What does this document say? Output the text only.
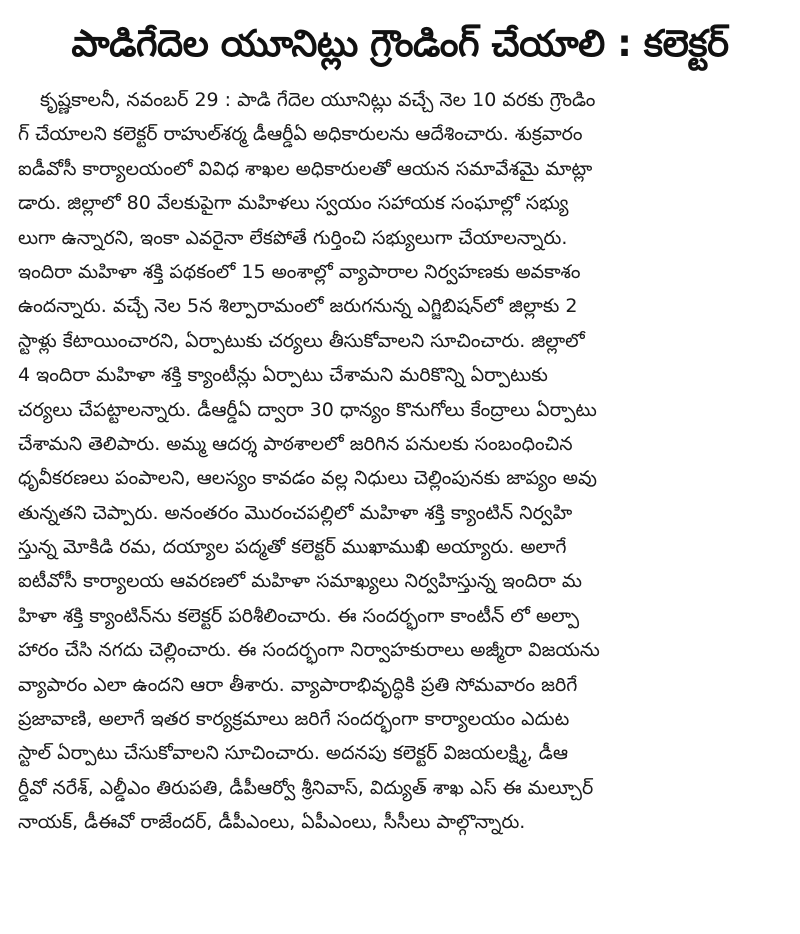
పాడిగేదెల యూనిట్లు గ్రౌండింగ్ చేయాలి : కలెక్టర్
కృష్ణకాలనీ, నవంబర్ 29 : పాడి గేదెల యూనిట్లు వచ్చే నెల 10 వరకు గ్రౌండిం
గ్ చేయాలని కలెక్టర్ రాహుల్‌శర్మ డీఆర్డీఏ అధికారులను ఆదేశించారు. శుక్రవారం
ఐడీవోసీ కార్యాలయంలో వివిధ శాఖల అధికారులతో ఆయన సమావేశమై మాట్లా
డారు. జిల్లాలో 80 వేలకుపైగా మహిళలు స్వయం సహాయక సంఘాల్లో సభ్యు
లుగా ఉన్నారని, ఇంకా ఎవరైనా లేకపోతే గుర్తించి సభ్యులుగా చేయాలన్నారు.
ఇందిరా మహిళా శక్తి పథకంలో 15 అంశాల్లో వ్యాపారాల నిర్వహణకు అవకాశం
ఉందన్నారు. వచ్చే నెల 5న శిల్పారామంలో జరుగనున్న ఎగ్జిబిషన్‌లో జిల్లాకు 2
స్టాళ్లు కేటాయించారని, ఏర్పాటుకు చర్యలు తీసుకోవాలని సూచించారు. జిల్లాలో
4 ఇందిరా మహిళా శక్తి క్యాంటీన్లు ఏర్పాటు చేశామని మరికొన్ని ఏర్పాటుకు
చర్యలు చేపట్టాలన్నారు. డీఆర్డీఏ ద్వారా 30 ధాన్యం కొనుగోలు కేంద్రాలు ఏర్పాటు
చేశామని తెలిపారు. అమ్మ ఆదర్శ పాఠశాలలో జరిగిన పనులకు సంబంధించిన
ధృవీకరణలు పంపాలని, ఆలస్యం కావడం వల్ల నిధులు చెల్లింపునకు జాప్యం అవు
తున్నతని చెప్పారు. అనంతరం మొరంచపల్లిలో మహిళా శక్తి క్యాంటిన్ నిర్వహి
స్తున్న మోకిడి రమ, దయ్యాల పద్మతో కలెక్టర్ ముఖాముఖి అయ్యారు. అలాగే
ఐటీవోసీ కార్యాలయ ఆవరణలో మహిళా సమాఖ్యలు నిర్వహిస్తున్న ఇందిరా మ
హిళా శక్తి క్యాంటిన్‌ను కలెక్టర్ పరిశీలించారు. ఈ సందర్భంగా కాంటీన్ లో అల్పా
హారం చేసి నగదు చెల్లించారు. ఈ సందర్భంగా నిర్వాహకురాలు అజ్మీరా విజయను
వ్యాపారం ఎలా ఉందని ఆరా తీశారు. వ్యాపారాభివృద్ధికి ప్రతి సోమవారం జరిగే
ప్రజావాణి, అలాగే ఇతర కార్యక్రమాలు జరిగే సందర్భంగా కార్యాలయం ఎదుట
స్టాల్ ఏర్పాటు చేసుకోవాలని సూచించారు. అదనపు కలెక్టర్ విజయలక్ష్మి, డీఆ
ర్డీవో నరేశ్, ఎల్డీఎం తిరుపతి, డీపీఆర్వో శ్రీనివాస్, విద్యుత్ శాఖ ఎస్ ఈ మల్చూర్
నాయక్, డీఈవో రాజేందర్, డీపీఎంలు, ఏపీఎంలు, సీసీలు పాల్గొన్నారు.
